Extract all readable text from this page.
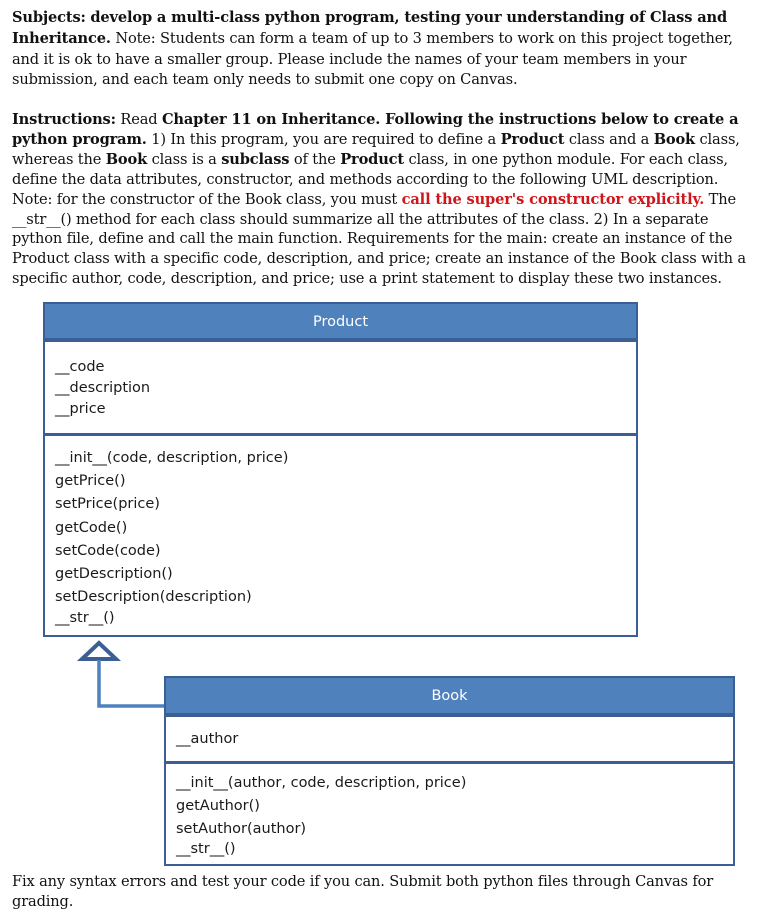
Subjects: develop a multi-class python program, testing your understanding of Class and Inheritance. Note: Students can form a team of up to 3 members to work on this project together, and it is ok to have a smaller group. Please include the names of your team members in your submission, and each team only needs to submit one copy on Canvas.
Instructions: Read Chapter 11 on Inheritance. Following the instructions below to create a python program. 1) In this program, you are required to define a Product class and a Book class, whereas the Book class is a subclass of the Product class, in one python module. For each class, define the data attributes, constructor, and methods according to the following UML description. Note: for the constructor of the Book class, you must call the super's constructor explicitly. The __str__() method for each class should summarize all the attributes of the class. 2) In a separate python file, define and call the main function. Requirements for the main: create an instance of the Product class with a specific code, description, and price; create an instance of the Book class with a specific author, code, description, and price; use a print statement to display these two instances.
Product
__code
__description
__price
__init__(code, description, price)
getPrice()
setPrice(price)
getCode()
setCode(code)
getDescription()
setDescription(description)
__str__()
Book
__author
__init__(author, code, description, price)
getAuthor()
setAuthor(author)
__str__()
Fix any syntax errors and test your code if you can. Submit both python files through Canvas for grading.
